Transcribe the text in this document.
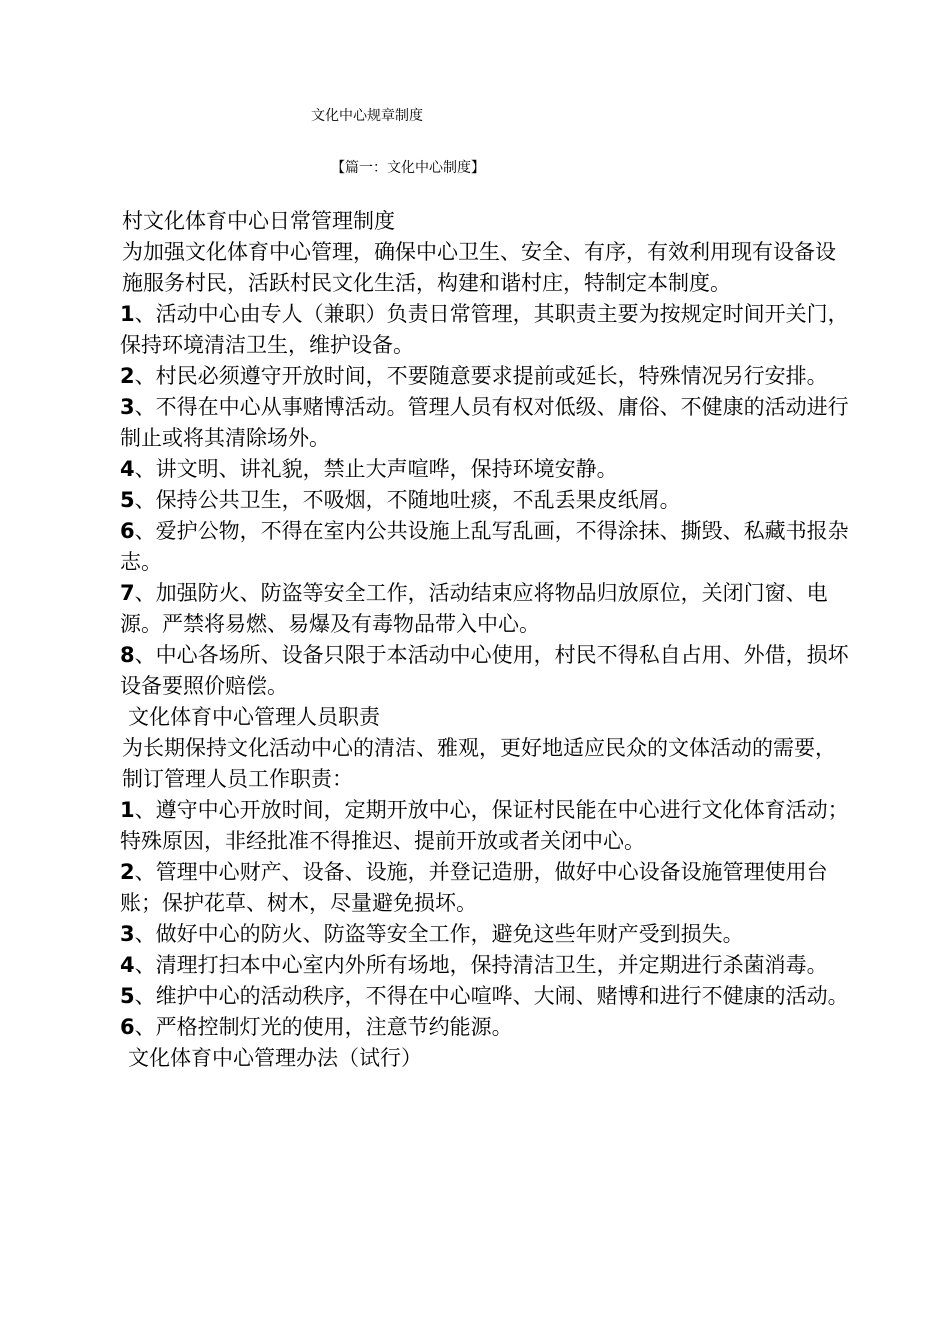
文化中心规章制度
【篇一：文化中心制度】

村文化体育中心日常管理制度

为加强文化体育中心管理，确保中心卫生、安全、有序，有效利用现有设备设施服务村民，活跃村民文化生活，构建和谐村庄，特制定本制度。

1、活动中心由专人（兼职）负责日常管理，其职责主要为按规定时间开关门，保持环境清洁卫生，维护设备。

2、村民必须遵守开放时间，不要随意要求提前或延长，特殊情况另行安排。

3、不得在中心从事赌博活动。管理人员有权对低级、庸俗、不健康的活动进行制止或将其清除场外。

4、讲文明、讲礼貌，禁止大声喧哗，保持环境安静。

5、保持公共卫生，不吸烟，不随地吐痰，不乱丢果皮纸屑。

6、爱护公物，不得在室内公共设施上乱写乱画，不得涂抹、撕毁、私藏书报杂志。

7、加强防火、防盗等安全工作，活动结束应将物品归放原位，关闭门窗、电源。严禁将易燃、易爆及有毒物品带入中心。

8、中心各场所、设备只限于本活动中心使用，村民不得私自占用、外借，损坏设备要照价赔偿。

文化体育中心管理人员职责

为长期保持文化活动中心的清洁、雅观，更好地适应民众的文体活动的需要，制订管理人员工作职责：

1、遵守中心开放时间，定期开放中心，保证村民能在中心进行文化体育活动；特殊原因，非经批准不得推迟、提前开放或者关闭中心。

2、管理中心财产、设备、设施，并登记造册，做好中心设备设施管理使用台账；保护花草、树木，尽量避免损坏。

3、做好中心的防火、防盗等安全工作，避免这些年财产受到损失。

4、清理打扫本中心室内外所有场地，保持清洁卫生，并定期进行杀菌消毒。

5、维护中心的活动秩序，不得在中心喧哗、大闹、赌博和进行不健康的活动。

6、严格控制灯光的使用，注意节约能源。

文化体育中心管理办法（试行）
